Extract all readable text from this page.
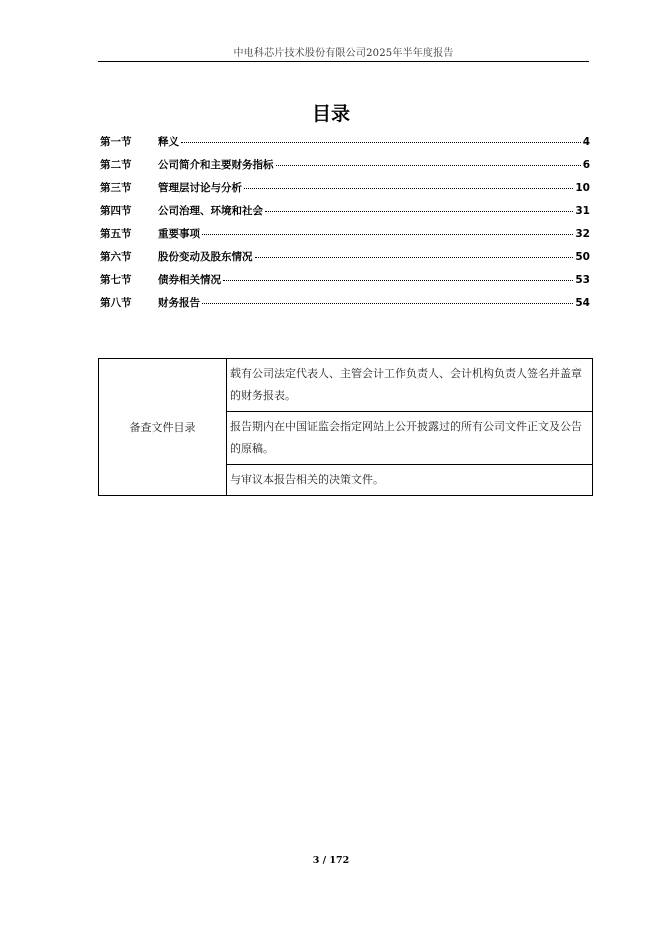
中电科芯片技术股份有限公司2025年半年度报告
目录
第一节	释义	4
第二节	公司简介和主要财务指标	6
第三节	管理层讨论与分析	10
第四节	公司治理、环境和社会	31
第五节	重要事项	32
第六节	股份变动及股东情况	50
第七节	债券相关情况	53
第八节	财务报告	54
备查文件目录	载有公司法定代表人、主管会计工作负责人、会计机构负责人签名并盖章的财务报表。
报告期内在中国证监会指定网站上公开披露过的所有公司文件正文及公告的原稿。
与审议本报告相关的决策文件。
3 / 172
